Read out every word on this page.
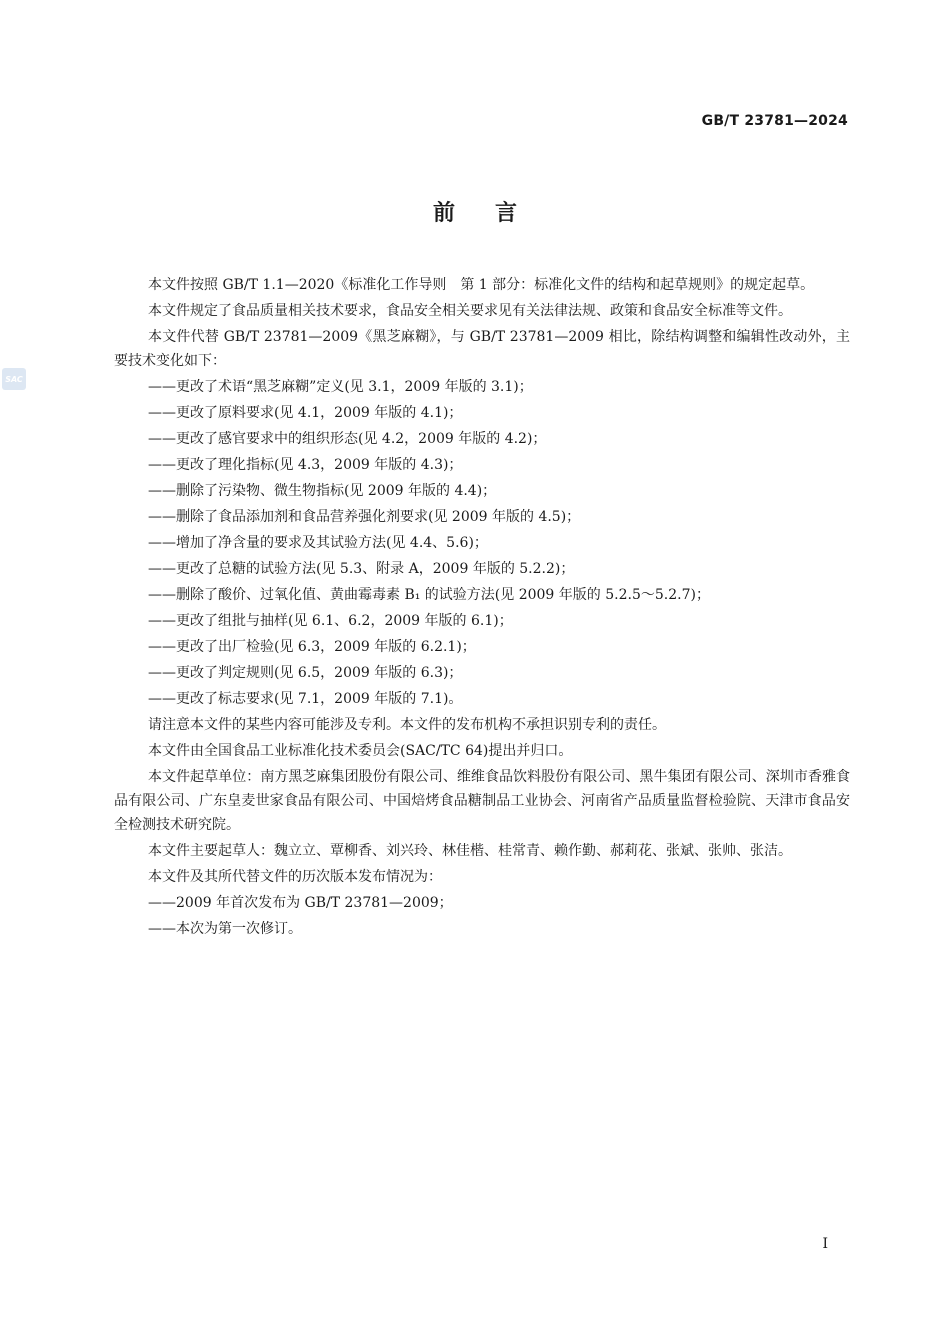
GB/T 23781—2024
SAC
前言

本文件按照 GB/T 1.1—2020《标准化工作导则　第 1 部分：标准化文件的结构和起草规则》的规定起草。

本文件规定了食品质量相关技术要求，食品安全相关要求见有关法律法规、政策和食品安全标准等文件。

本文件代替 GB/T 23781—2009《黑芝麻糊》，与 GB/T 23781—2009 相比，除结构调整和编辑性改动外，主要技术变化如下：

——更改了术语“黑芝麻糊”定义(见 3.1，2009 年版的 3.1)；

——更改了原料要求(见 4.1，2009 年版的 4.1)；

——更改了感官要求中的组织形态(见 4.2，2009 年版的 4.2)；

——更改了理化指标(见 4.3，2009 年版的 4.3)；

——删除了污染物、微生物指标(见 2009 年版的 4.4)；

——删除了食品添加剂和食品营养强化剂要求(见 2009 年版的 4.5)；

——增加了净含量的要求及其试验方法(见 4.4、5.6)；

——更改了总糖的试验方法(见 5.3、附录 A，2009 年版的 5.2.2)；

——删除了酸价、过氧化值、黄曲霉毒素 B₁ 的试验方法(见 2009 年版的 5.2.5～5.2.7)；

——更改了组批与抽样(见 6.1、6.2，2009 年版的 6.1)；

——更改了出厂检验(见 6.3，2009 年版的 6.2.1)；

——更改了判定规则(见 6.5，2009 年版的 6.3)；

——更改了标志要求(见 7.1，2009 年版的 7.1)。

请注意本文件的某些内容可能涉及专利。本文件的发布机构不承担识别专利的责任。

本文件由全国食品工业标准化技术委员会(SAC/TC 64)提出并归口。

本文件起草单位：南方黑芝麻集团股份有限公司、维维食品饮料股份有限公司、黑牛集团有限公司、深圳市香雅食品有限公司、广东皇麦世家食品有限公司、中国焙烤食品糖制品工业协会、河南省产品质量监督检验院、天津市食品安全检测技术研究院。

本文件主要起草人：魏立立、覃柳香、刘兴玲、林佳楷、桂常青、赖作勤、郝莉花、张斌、张帅、张洁。

本文件及其所代替文件的历次版本发布情况为：

——2009 年首次发布为 GB/T 23781—2009；

——本次为第一次修订。

I
